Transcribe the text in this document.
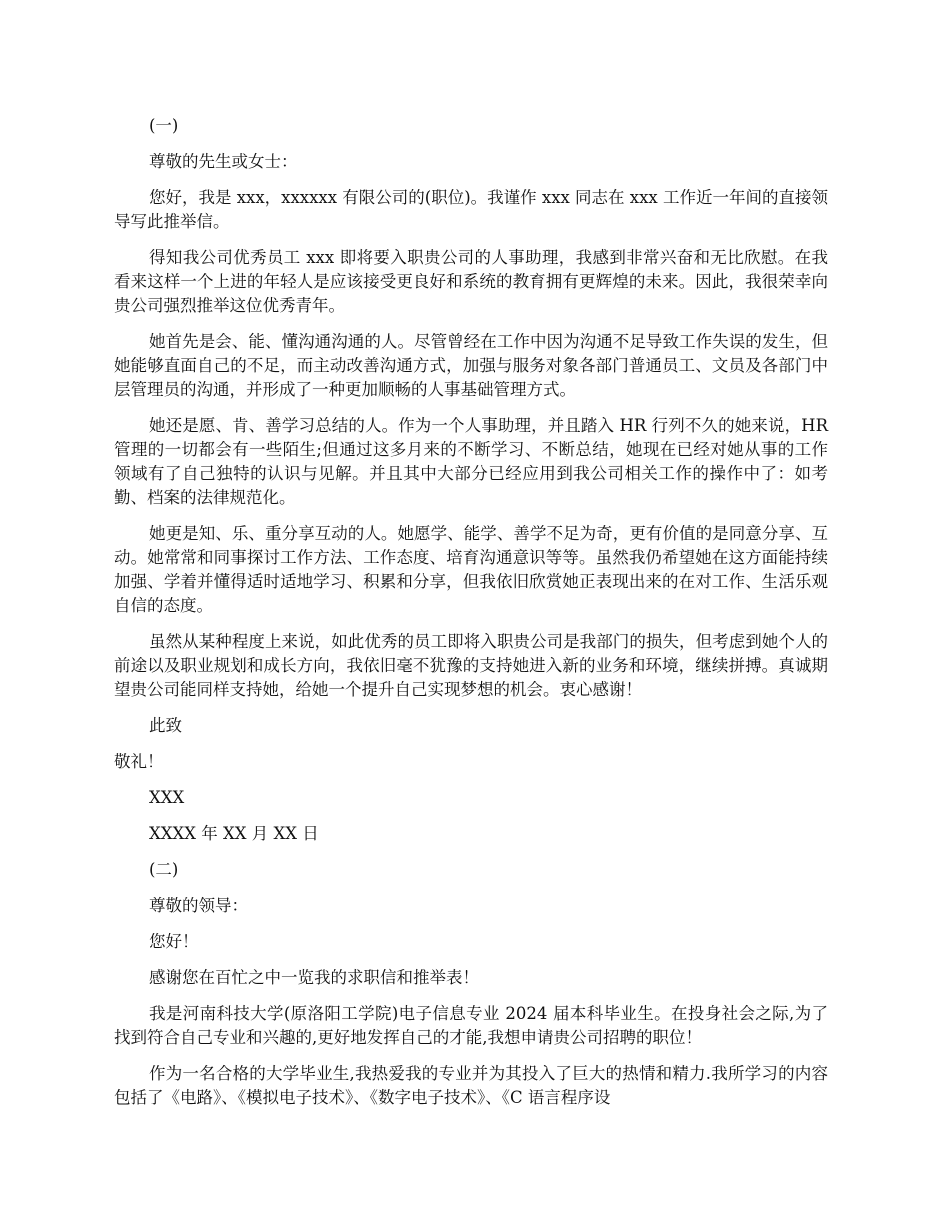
(一)

尊敬的先生或女士：

您好，我是 xxx，xxxxxx 有限公司的(职位)。我谨作 xxx 同志在 xxx 工作近一年间的直接领导写此推举信。

得知我公司优秀员工 xxx 即将要入职贵公司的人事助理，我感到非常兴奋和无比欣慰。在我看来这样一个上进的年轻人是应该接受更良好和系统的教育拥有更辉煌的未来。因此，我很荣幸向贵公司强烈推举这位优秀青年。

她首先是会、能、懂沟通沟通的人。尽管曾经在工作中因为沟通不足导致工作失误的发生，但她能够直面自己的不足，而主动改善沟通方式，加强与服务对象各部门普通员工、文员及各部门中层管理员的沟通，并形成了一种更加顺畅的人事基础管理方式。

她还是愿、肯、善学习总结的人。作为一个人事助理，并且踏入 HR 行列不久的她来说，HR 管理的一切都会有一些陌生;但通过这多月来的不断学习、不断总结，她现在已经对她从事的工作领域有了自己独特的认识与见解。并且其中大部分已经应用到我公司相关工作的操作中了：如考勤、档案的法律规范化。

她更是知、乐、重分享互动的人。她愿学、能学、善学不足为奇，更有价值的是同意分享、互动。她常常和同事探讨工作方法、工作态度、培育沟通意识等等。虽然我仍希望她在这方面能持续加强、学着并懂得适时适地学习、积累和分享，但我依旧欣赏她正表现出来的在对工作、生活乐观自信的态度。

虽然从某种程度上来说，如此优秀的员工即将入职贵公司是我部门的损失，但考虑到她个人的前途以及职业规划和成长方向，我依旧毫不犹豫的支持她进入新的业务和环境，继续拼搏。真诚期望贵公司能同样支持她，给她一个提升自己实现梦想的机会。衷心感谢！

此致

敬礼！

XXX

XXXX 年 XX 月 XX 日

(二)

尊敬的领导：

您好！

感谢您在百忙之中一览我的求职信和推举表！

我是河南科技大学(原洛阳工学院)电子信息专业 2024 届本科毕业生。在投身社会之际,为了找到符合自己专业和兴趣的,更好地发挥自己的才能,我想申请贵公司招聘的职位！

作为一名合格的大学毕业生,我热爱我的专业并为其投入了巨大的热情和精力.我所学习的内容包括了《电路》、《模拟电子技术》、《数字电子技术》、《C 语言程序设
